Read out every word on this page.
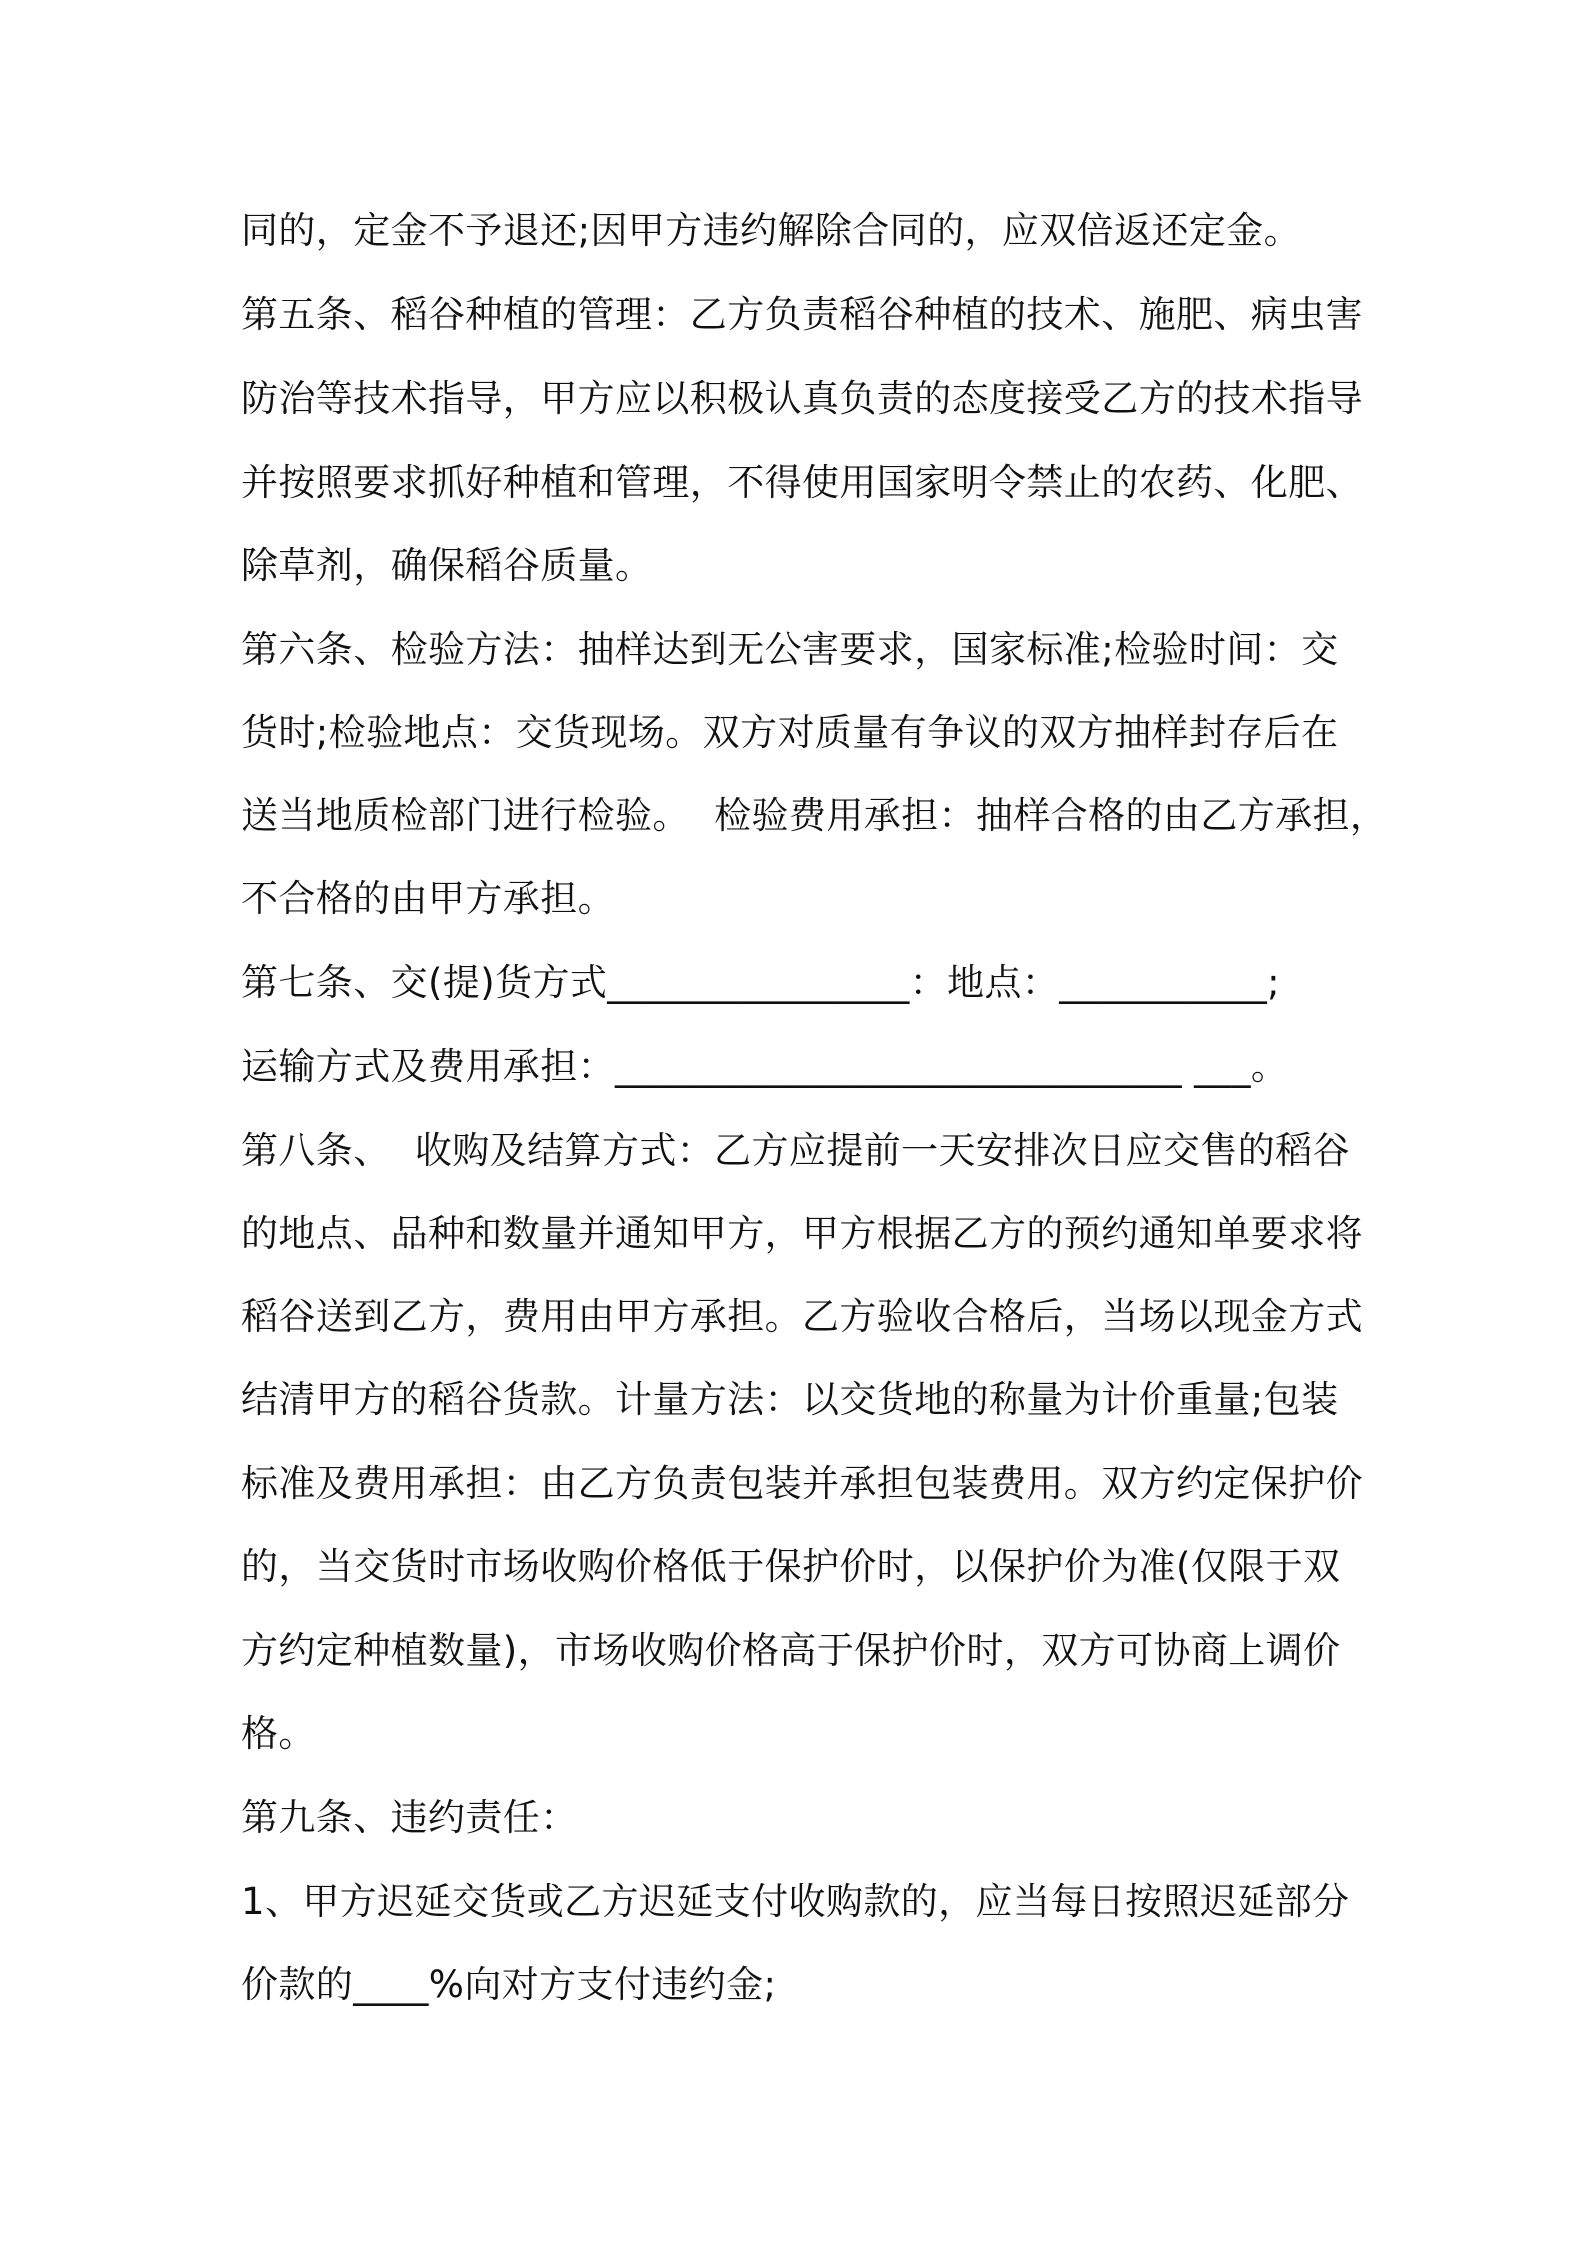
同的，定金不予退还;因甲方违约解除合同的，应双倍返还定金。

第五条、稻谷种植的管理：乙方负责稻谷种植的技术、施肥、病虫害

防治等技术指导，甲方应以积极认真负责的态度接受乙方的技术指导

并按照要求抓好种植和管理，不得使用国家明令禁止的农药、化肥、

除草剂，确保稻谷质量。

第六条、检验方法：抽样达到无公害要求，国家标准;检验时间：交

货时;检验地点：交货现场。双方对质量有争议的双方抽样封存后在

送当地质检部门进行检验。  检验费用承担：抽样合格的由乙方承担，

不合格的由甲方承担。

第七条、交(提)货方式________________：地点：___________;

运输方式及费用承担：______________________________ ___。

第八条、  收购及结算方式：乙方应提前一天安排次日应交售的稻谷

的地点、品种和数量并通知甲方，甲方根据乙方的预约通知单要求将

稻谷送到乙方，费用由甲方承担。乙方验收合格后，当场以现金方式

结清甲方的稻谷货款。计量方法：以交货地的称量为计价重量;包装

标准及费用承担：由乙方负责包装并承担包装费用。双方约定保护价

的，当交货时市场收购价格低于保护价时，以保护价为准(仅限于双

方约定种植数量)，市场收购价格高于保护价时，双方可协商上调价

格。

第九条、违约责任：

1、甲方迟延交货或乙方迟延支付收购款的，应当每日按照迟延部分

价款的____%向对方支付违约金;
